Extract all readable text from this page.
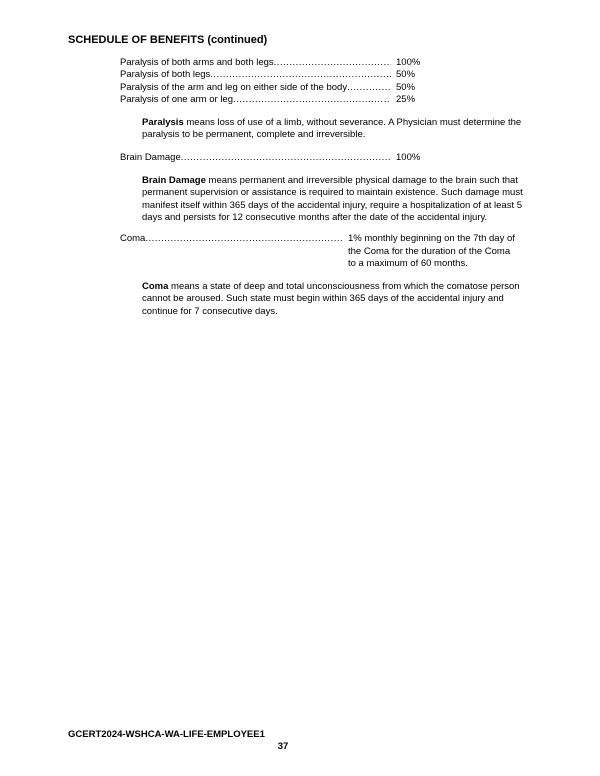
SCHEDULE OF BENEFITS (continued)
Paralysis of both arms and both legs .....	100%
Paralysis of both legs .....	50%
Paralysis of the arm and leg on either side of the body .....	50%
Paralysis of one arm or leg .....	25%

Paralysis means loss of use of a limb, without severance. A Physician must determine the paralysis to be permanent, complete and irreversible.

Brain Damage .....	100%

Brain Damage means permanent and irreversible physical damage to the brain such that permanent supervision or assistance is required to maintain existence. Such damage must manifest itself within 365 days of the accidental injury, require a hospitalization of at least 5 days and persists for 12 consecutive months after the date of the accidental injury.

Coma .....	1% monthly beginning on the 7th day of the Coma for the duration of the Coma to a maximum of 60 months.

Coma means a state of deep and total unconsciousness from which the comatose person cannot be aroused. Such state must begin within 365 days of the accidental injury and continue for 7 consecutive days.

GCERT2024-WSHCA-WA-LIFE-EMPLOYEE1
37
